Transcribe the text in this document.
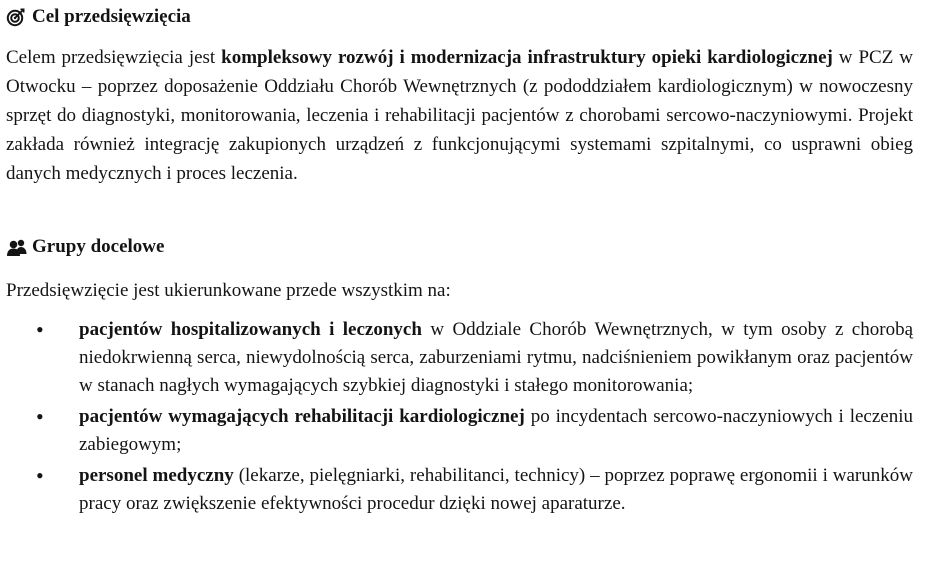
Cel przedsięwzięcia

Celem przedsięwzięcia jest kompleksowy rozwój i modernizacja infrastruktury opieki kardiologicznej w PCZ w Otwocku – poprzez doposażenie Oddziału Chorób Wewnętrznych (z pododdziałem kardiologicznym) w nowoczesny sprzęt do diagnostyki, monitorowania, leczenia i rehabilitacji pacjentów z chorobami sercowo-naczyniowymi. Projekt zakłada również integrację zakupionych urządzeń z funkcjonującymi systemami szpitalnymi, co usprawni obieg danych medycznych i proces leczenia.

Grupy docelowe

Przedsięwzięcie jest ukierunkowane przede wszystkim na:

• pacjentów hospitalizowanych i leczonych w Oddziale Chorób Wewnętrznych, w tym osoby z chorobą niedokrwienną serca, niewydolnością serca, zaburzeniami rytmu, nadciśnieniem powikłanym oraz pacjentów w stanach nagłych wymagających szybkiej diagnostyki i stałego monitorowania;
• pacjentów wymagających rehabilitacji kardiologicznej po incydentach sercowo-naczyniowych i leczeniu zabiegowym;
• personel medyczny (lekarze, pielęgniarki, rehabilitanci, technicy) – poprzez poprawę ergonomii i warunków pracy oraz zwiększenie efektywności procedur dzięki nowej aparaturze.
